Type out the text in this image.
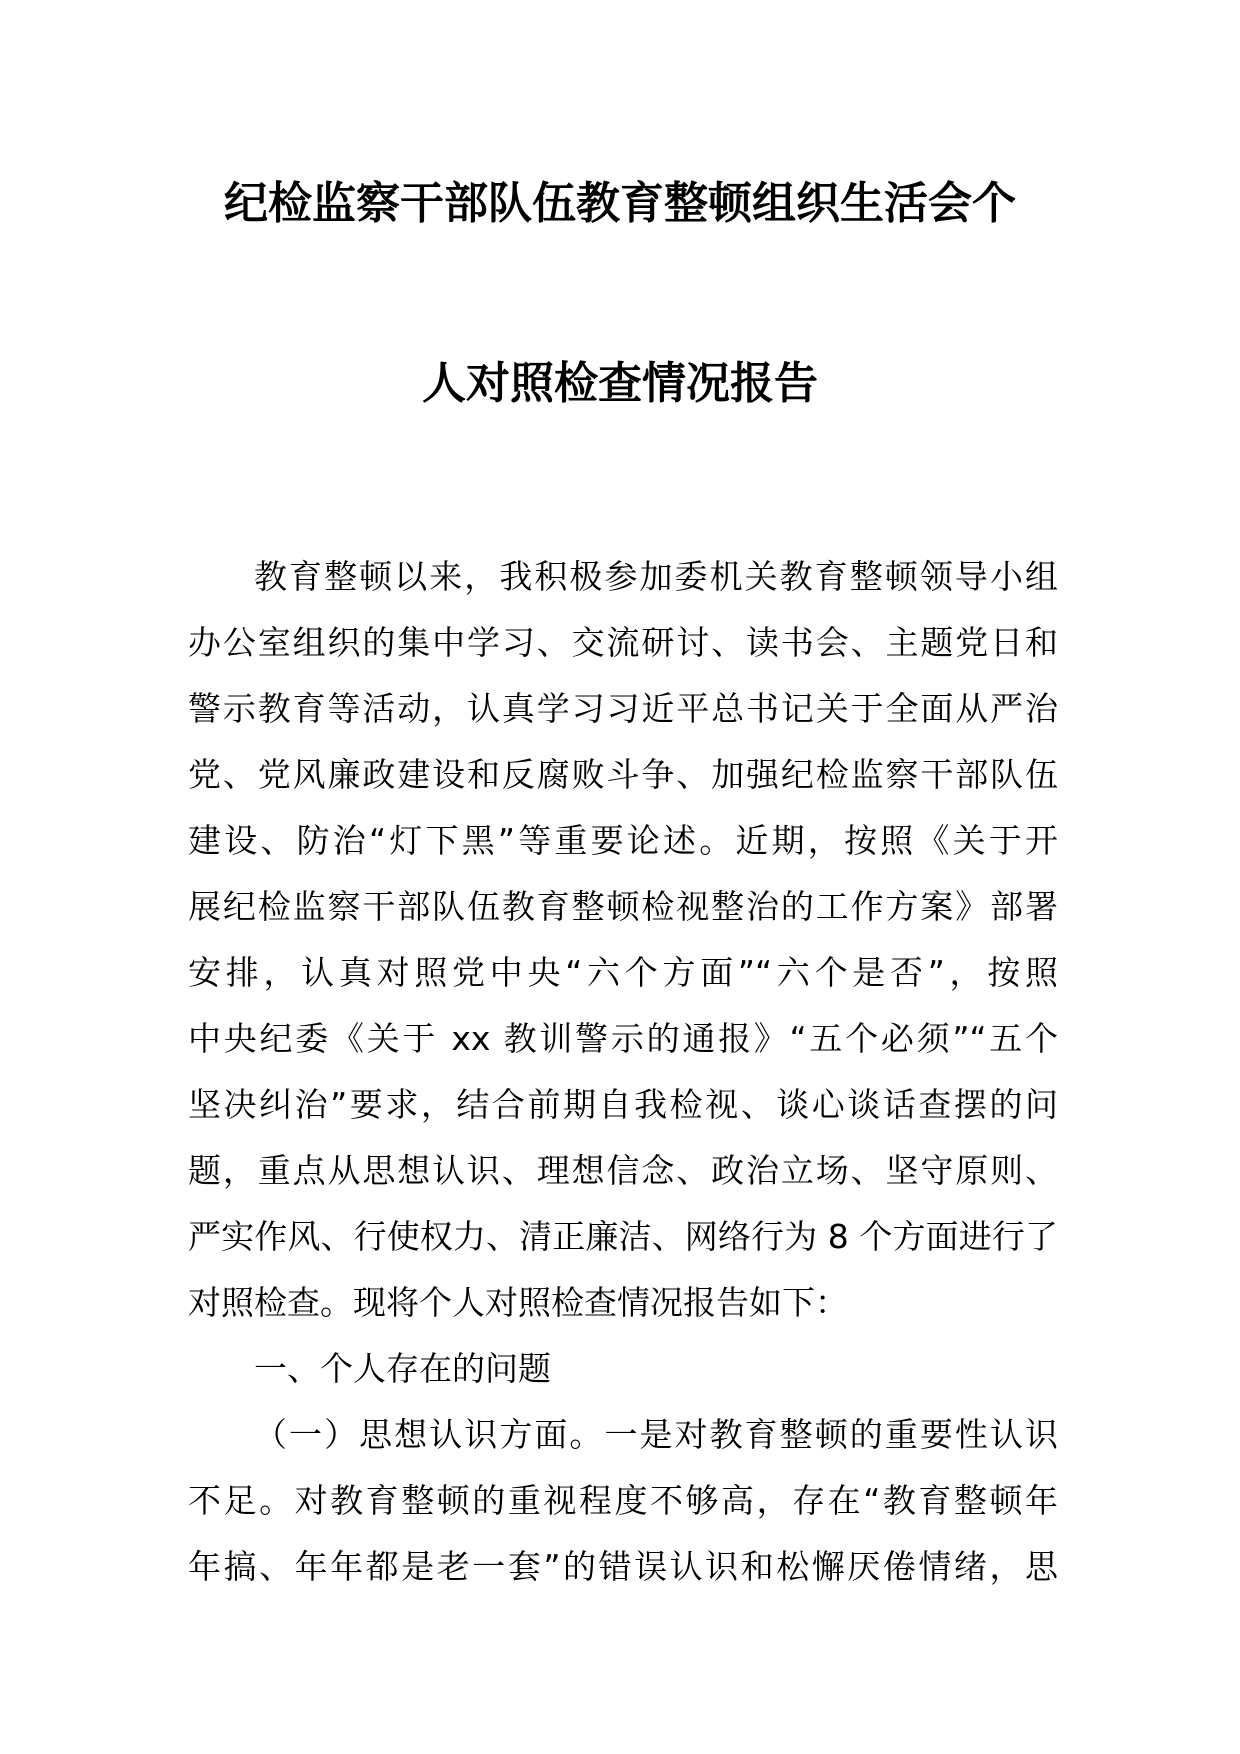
纪检监察干部队伍教育整顿组织生活会个
人对照检查情况报告
教育整顿以来，我积极参加委机关教育整顿领导小组
办公室组织的集中学习、交流研讨、读书会、主题党日和
警示教育等活动，认真学习习近平总书记关于全面从严治
党、党风廉政建设和反腐败斗争、加强纪检监察干部队伍
建设、防治“灯下黑”等重要论述。近期，按照《关于开
展纪检监察干部队伍教育整顿检视整治的工作方案》部署
安排，认真对照党中央“六个方面”“六个是否”，按照
中央纪委《关于 xx 教训警示的通报》“五个必须”“五个
坚决纠治”要求，结合前期自我检视、谈心谈话查摆的问
题，重点从思想认识、理想信念、政治立场、坚守原则、
严实作风、行使权力、清正廉洁、网络行为 8 个方面进行了
对照检查。现将个人对照检查情况报告如下：
一、个人存在的问题
（一）思想认识方面。一是对教育整顿的重要性认识
不足。对教育整顿的重视程度不够高，存在“教育整顿年
年搞、年年都是老一套”的错误认识和松懈厌倦情绪，思
